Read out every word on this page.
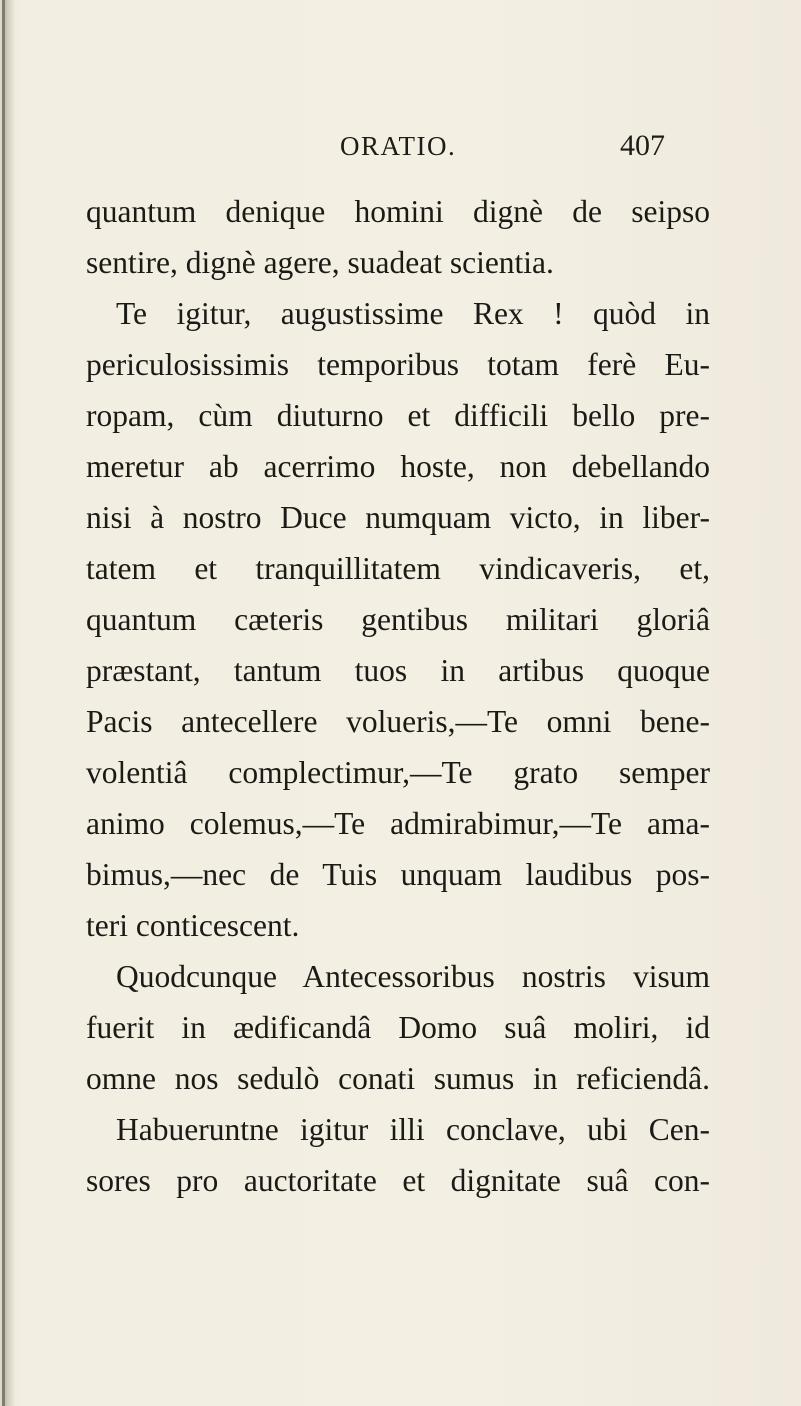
ORATIO.	407
quantum denique homini dignè de seipso
sentire, dignè agere, suadeat scientia.
Te igitur, augustissime Rex ! quòd in
periculosissimis temporibus totam ferè Eu-
ropam, cùm diuturno et difficili bello pre-
meretur ab acerrimo hoste, non debellando
nisi à nostro Duce numquam victo, in liber-
tatem et tranquillitatem vindicaveris, et,
quantum cæteris gentibus militari gloriâ
præstant, tantum tuos in artibus quoque
Pacis antecellere volueris,—Te omni bene-
volentiâ complectimur,—Te grato semper
animo colemus,—Te admirabimur,—Te ama-
bimus,—nec de Tuis unquam laudibus pos-
teri conticescent.
Quodcunque Antecessoribus nostris visum
fuerit in ædificandâ Domo suâ moliri, id
omne nos sedulò conati sumus in reficiendâ.
Habueruntne igitur illi conclave, ubi Cen-
sores pro auctoritate et dignitate suâ con-
